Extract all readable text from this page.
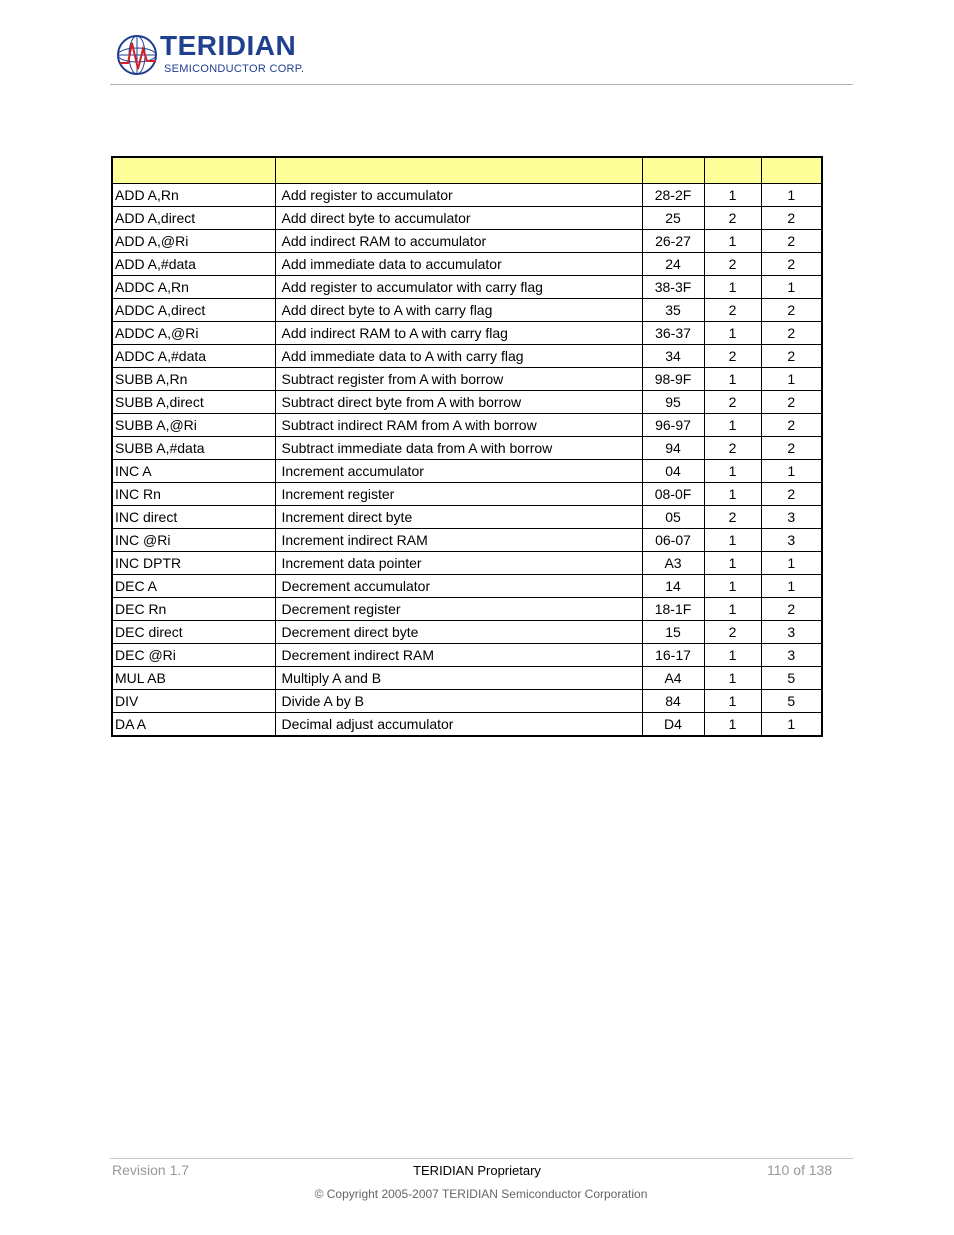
TERIDIAN
SEMICONDUCTOR CORP.

ADD A,Rn	Add register to accumulator	28-2F	1	1
ADD A,direct	Add direct byte to accumulator	25	2	2
ADD A,@Ri	Add indirect RAM to accumulator	26-27	1	2
ADD A,#data	Add immediate data to accumulator	24	2	2
ADDC A,Rn	Add register to accumulator with carry flag	38-3F	1	1
ADDC A,direct	Add direct byte to A with carry flag	35	2	2
ADDC A,@Ri	Add indirect RAM to A with carry flag	36-37	1	2
ADDC A,#data	Add immediate data to A with carry flag	34	2	2
SUBB A,Rn	Subtract register from A with borrow	98-9F	1	1
SUBB A,direct	Subtract direct byte from A with borrow	95	2	2
SUBB A,@Ri	Subtract indirect RAM from A with borrow	96-97	1	2
SUBB A,#data	Subtract immediate data from A with borrow	94	2	2
INC A	Increment accumulator	04	1	1
INC Rn	Increment register	08-0F	1	2
INC direct	Increment direct byte	05	2	3
INC @Ri	Increment indirect RAM	06-07	1	3
INC DPTR	Increment data pointer	A3	1	1
DEC A	Decrement accumulator	14	1	1
DEC Rn	Decrement register	18-1F	1	2
DEC direct	Decrement direct byte	15	2	3
DEC @Ri	Decrement indirect RAM	16-17	1	3
MUL AB	Multiply A and B	A4	1	5
DIV	Divide A by B	84	1	5
DA A	Decimal adjust accumulator	D4	1	1
Revision 1.7	TERIDIAN Proprietary	110 of 138
© Copyright 2005-2007 TERIDIAN Semiconductor Corporation
